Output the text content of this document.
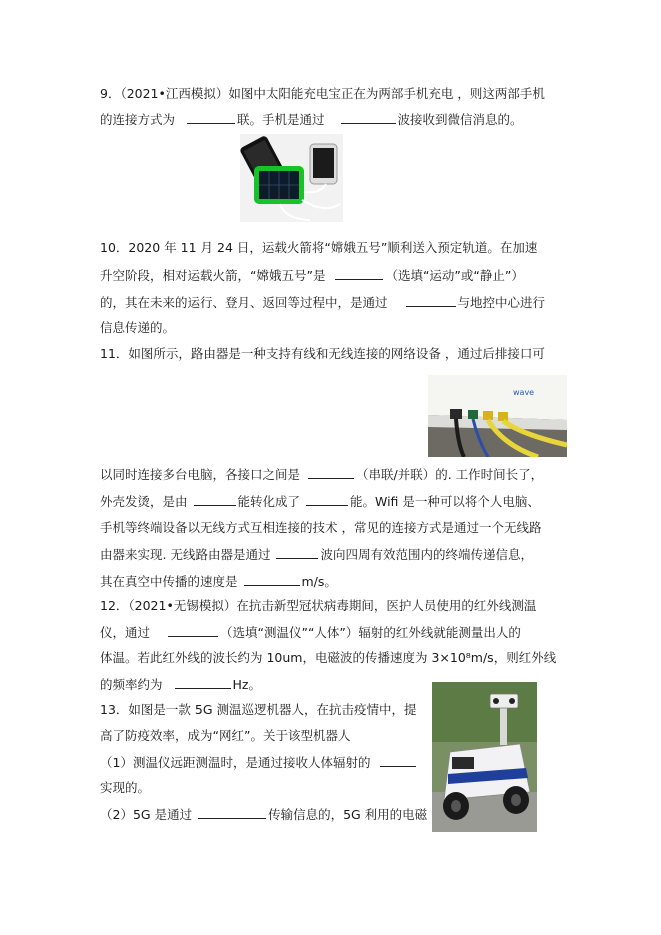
9．（2021•江西模拟）如图中太阳能充电宝正在为两部手机充电 ，则这两部手机
的连接方式为	联。手机是通过	波接收到微信消息的。
10．2020 年 11 月 24 日，运载火箭将“嫦娥五号”顺利送入预定轨道。在加速
升空阶段，相对运载火箭，“嫦娥五号”是	（选填“运动”或“静止”）
的，其在未来的运行、登月、返回等过程中，是通过	与地控中心进行
信息传递的。
11．如图所示，路由器是一种支持有线和无线连接的网络设备 ，通过后排接口可
wave
以同时连接多台电脑，各接口之间是	（串联/并联）的. 工作时间长了，
外壳发烫，是由	能转化成了	能。Wifi 是一种可以将个人电脑、
手机等终端设备以无线方式互相连接的技术 ，常见的连接方式是通过一个无线路
由器来实现. 无线路由器是通过	波向四周有效范围内的终端传递信息，
其在真空中传播的速度是	m/s。
12．（2021•无锡模拟）在抗击新型冠状病毒期间，医护人员使用的红外线测温
仪，通过	（选填“测温仪”“人体”）辐射的红外线就能测量出人的
体温。若此红外线的波长约为 10um，电磁波的传播速度为 3×10⁸m/s，则红外线
的频率约为	Hz。
13．如图是一款 5G 测温巡逻机器人，在抗击疫情中，提
高了防疫效率，成为“网红”。关于该型机器人
（1）测温仪远距测温时，是通过接收人体辐射的
实现的。
（2）5G 是通过	传输信息的，5G 利用的电磁
